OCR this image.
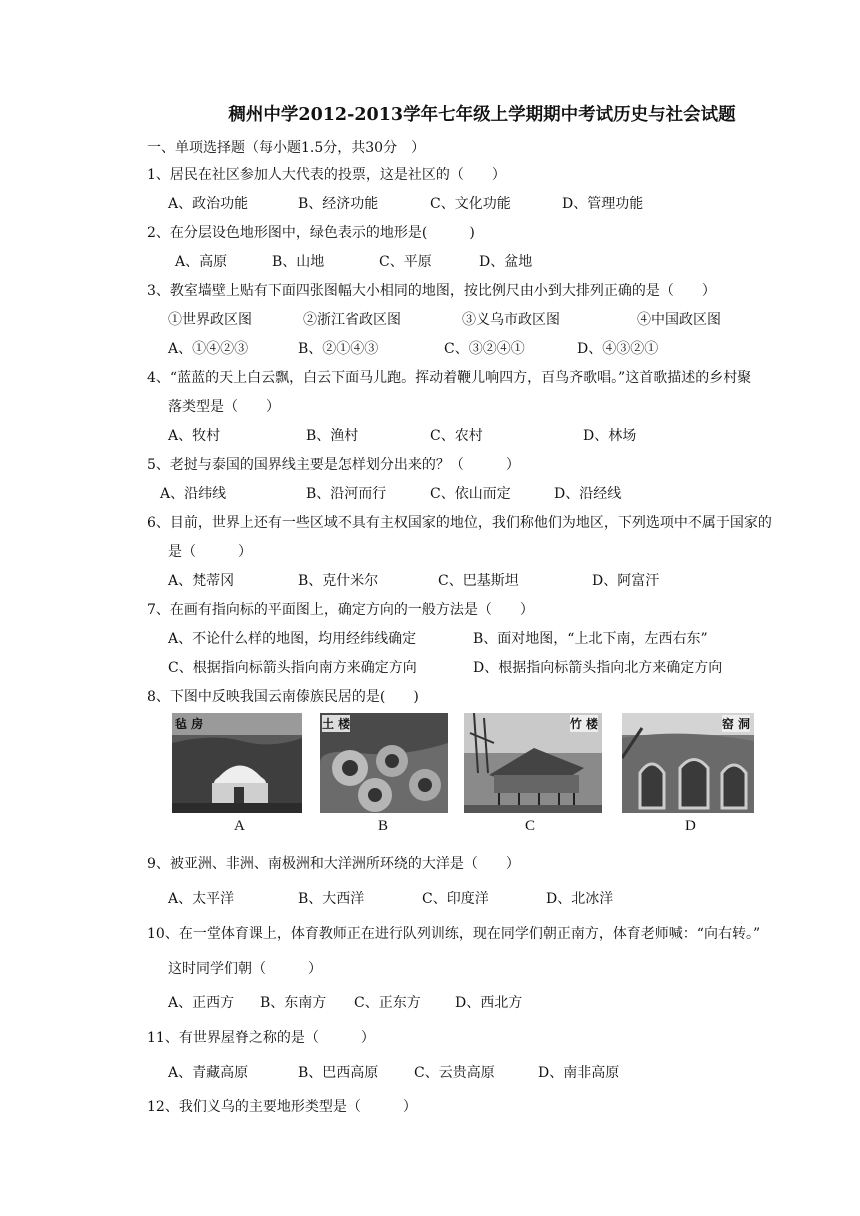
稠州中学2012-2013学年七年级上学期期中考试历史与社会试题
一、单项选择题（每小题1.5分，共30分　）
1、居民在社区参加人大代表的投票，这是社区的（　　）
A、政治功能	B、经济功能	C、文化功能	D、管理功能
2、在分层设色地形图中，绿色表示的地形是(　　　)
A、高原	B、山地	C、平原	D、盆地
3、教室墙壁上贴有下面四张图幅大小相同的地图，按比例尺由小到大排列正确的是（　　）
①世界政区图	②浙江省政区图	③义乌市政区图	④中国政区图
A、①④②③	B、②①④③	C、③②④①	D、④③②①
4、“蓝蓝的天上白云飘，白云下面马儿跑。挥动着鞭儿响四方，百鸟齐歌唱。”这首歌描述的乡村聚
落类型是（　　）
A、牧村	B、渔村	C、农村	D、林场
5、老挝与泰国的国界线主要是怎样划分出来的？（　　　）
A、沿纬线	B、沿河而行	C、依山而定	D、沿经线
6、目前，世界上还有一些区域不具有主权国家的地位，我们称他们为地区，下列选项中不属于国家的
是（　　　）
A、梵蒂冈	B、克什米尔	C、巴基斯坦	D、阿富汗
7、在画有指向标的平面图上，确定方向的一般方法是（　　）
A、不论什么样的地图，均用经纬线确定	B、面对地图，“上北下南，左西右东”
C、根据指向标箭头指向南方来确定方向	D、根据指向标箭头指向北方来确定方向
8、下图中反映我国云南傣族民居的是(　　)
毡 房	土 楼	竹 楼	窑 洞
A	B	C	D
9、被亚洲、非洲、南极洲和大洋洲所环绕的大洋是（　　）
A、太平洋	B、大西洋	C、印度洋	D、北冰洋
10、在一堂体育课上，体育教师正在进行队列训练，现在同学们朝正南方，体育老师喊：“向右转。”
这时同学们朝（　　　）
A、正西方 B、东南方 C、正东方 D、西北方
11、有世界屋脊之称的是（　　　）
A、青藏高原	B、巴西高原	C、云贵高原	D、南非高原
12、我们义乌的主要地形类型是（　　　）
